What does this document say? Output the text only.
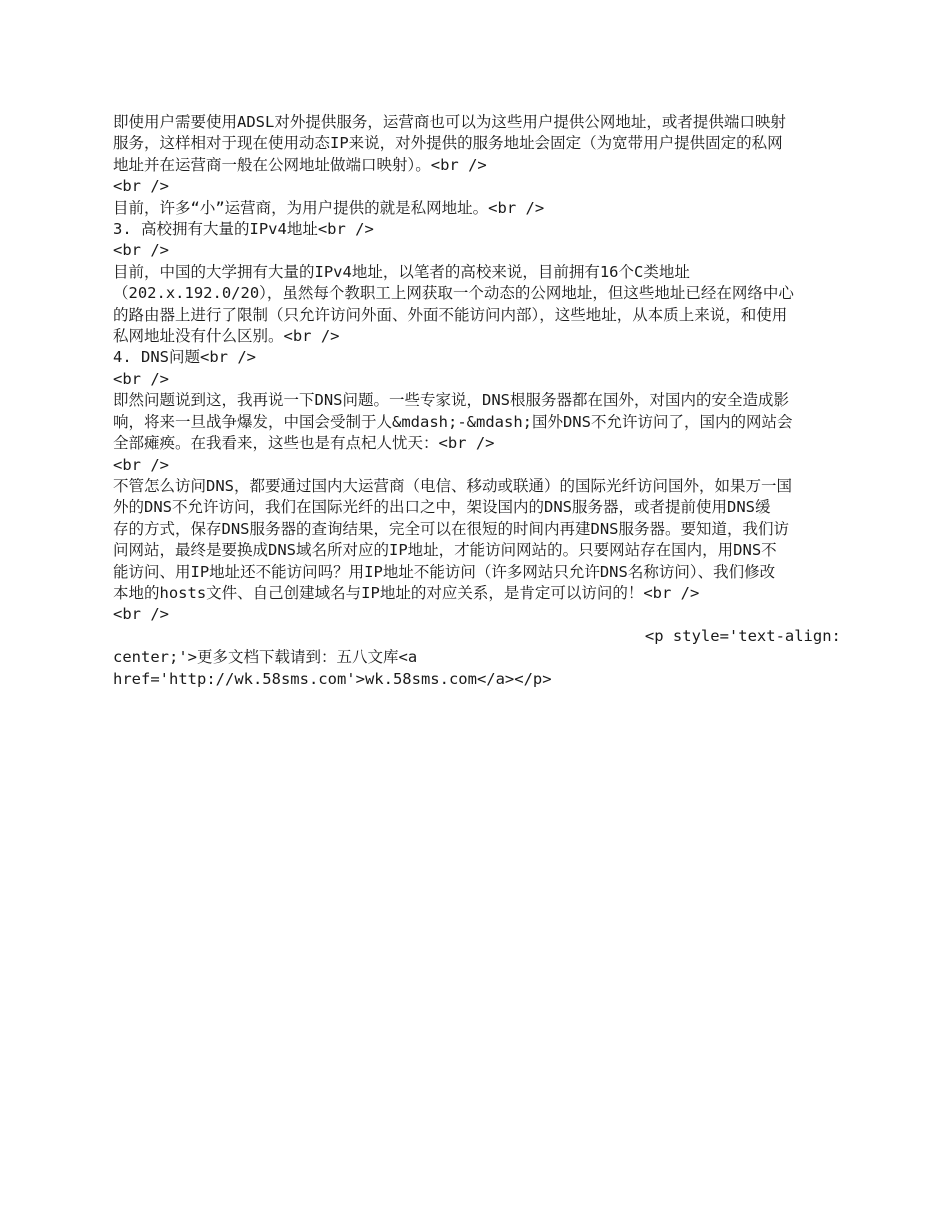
即使用户需要使用ADSL对外提供服务，运营商也可以为这些用户提供公网地址，或者提供端口映射
服务，这样相对于现在使用动态IP来说，对外提供的服务地址会固定（为宽带用户提供固定的私网
地址并在运营商一般在公网地址做端口映射）。<br />
<br />
目前，许多“小”运营商，为用户提供的就是私网地址。<br />
3. 高校拥有大量的IPv4地址<br />
<br />
目前，中国的大学拥有大量的IPv4地址，以笔者的高校来说，目前拥有16个C类地址
（202.x.192.0/20），虽然每个教职工上网获取一个动态的公网地址，但这些地址已经在网络中心
的路由器上进行了限制（只允许访问外面、外面不能访问内部），这些地址，从本质上来说，和使用
私网地址没有什么区别。<br />
4. DNS问题<br />
<br />
即然问题说到这，我再说一下DNS问题。一些专家说，DNS根服务器都在国外，对国内的安全造成影
响，将来一旦战争爆发，中国会受制于人&mdash;-&mdash;国外DNS不允许访问了，国内的网站会
全部瘫痪。在我看来，这些也是有点杞人忧天：<br />
<br />
不管怎么访问DNS，都要通过国内大运营商（电信、移动或联通）的国际光纤访问国外，如果万一国
外的DNS不允许访问，我们在国际光纤的出口之中，架设国内的DNS服务器，或者提前使用DNS缓
存的方式，保存DNS服务器的查询结果，完全可以在很短的时间内再建DNS服务器。要知道，我们访
问网站，最终是要换成DNS域名所对应的IP地址，才能访问网站的。只要网站存在国内，用DNS不
能访问、用IP地址还不能访问吗？用IP地址不能访问（许多网站只允许DNS名称访问）、我们修改
本地的hosts文件、自己创建域名与IP地址的对应关系，是肯定可以访问的！<br />
<br />
<p style='text-align:
center;'>更多文档下载请到：五八文库<a
href='http://wk.58sms.com'>wk.58sms.com</a></p>
